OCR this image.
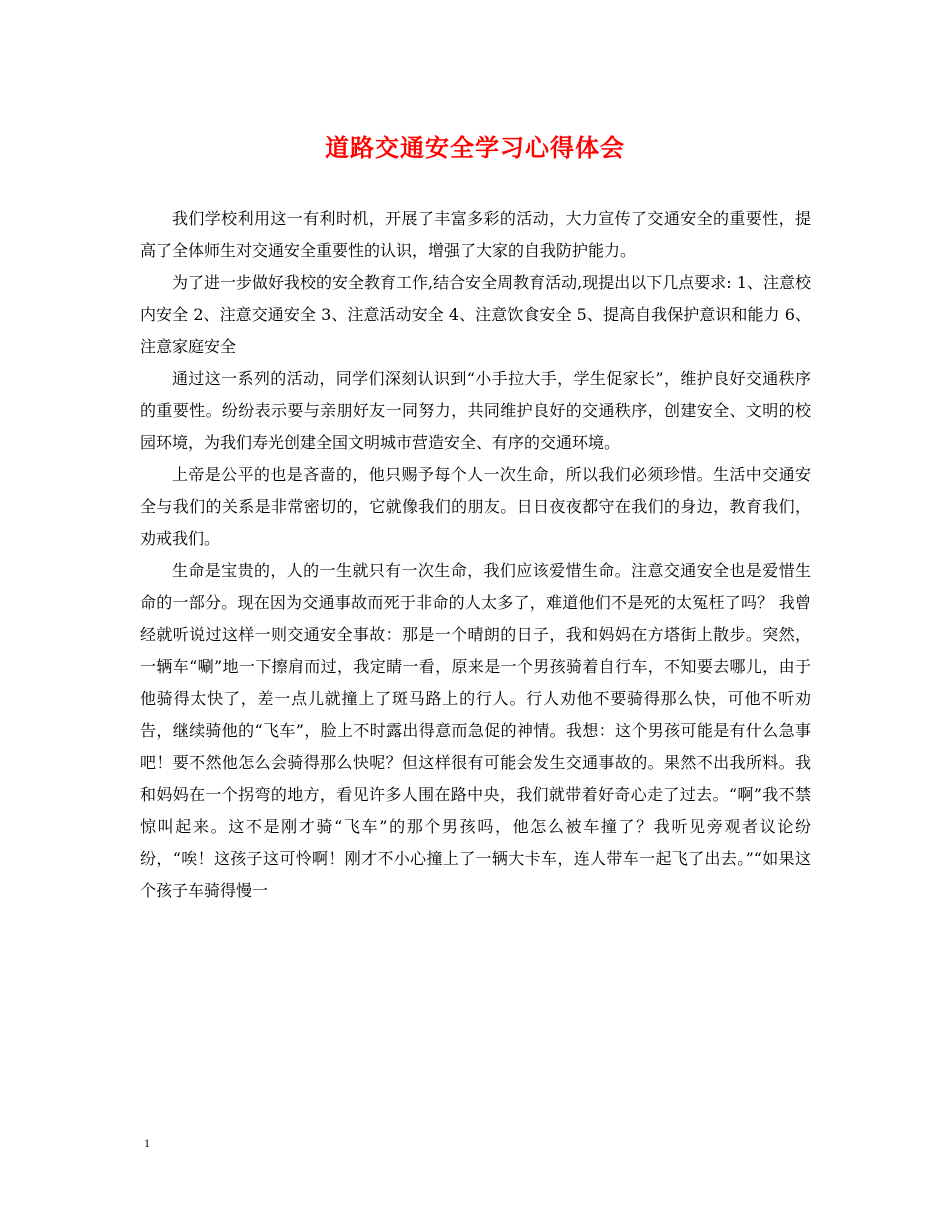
道路交通安全学习心得体会

我们学校利用这一有利时机，开展了丰富多彩的活动，大力宣传了交通安全的重要性，提高了全体师生对交通安全重要性的认识，增强了大家的自我防护能力。

为了进一步做好我校的安全教育工作,结合安全周教育活动,现提出以下几点要求: 1、注意校内安全 2、注意交通安全 3、注意活动安全 4、注意饮食安全 5、提高自我保护意识和能力 6、注意家庭安全

通过这一系列的活动，同学们深刻认识到“小手拉大手，学生促家长”，维护良好交通秩序的重要性。纷纷表示要与亲朋好友一同努力，共同维护良好的交通秩序，创建安全、文明的校园环境，为我们寿光创建全国文明城市营造安全、有序的交通环境。

上帝是公平的也是吝啬的，他只赐予每个人一次生命，所以我们必须珍惜。生活中交通安全与我们的关系是非常密切的，它就像我们的朋友。日日夜夜都守在我们的身边，教育我们，劝戒我们。

生命是宝贵的，人的一生就只有一次生命，我们应该爱惜生命。注意交通安全也是爱惜生命的一部分。现在因为交通事故而死于非命的人太多了，难道他们不是死的太冤枉了吗？ 我曾经就听说过这样一则交通安全事故：那是一个晴朗的日子，我和妈妈在方塔街上散步。突然，一辆车“唰”地一下擦肩而过，我定睛一看，原来是一个男孩骑着自行车，不知要去哪儿，由于他骑得太快了，差一点儿就撞上了斑马路上的行人。行人劝他不要骑得那么快，可他不听劝告，继续骑他的“飞车”，脸上不时露出得意而急促的神情。我想：这个男孩可能是有什么急事吧！要不然他怎么会骑得那么快呢？但这样很有可能会发生交通事故的。果然不出我所料。我和妈妈在一个拐弯的地方，看见许多人围在路中央，我们就带着好奇心走了过去。“啊”我不禁惊叫起来。这不是刚才骑“飞车”的那个男孩吗，他怎么被车撞了？我听见旁观者议论纷纷，“唉！这孩子这可怜啊！刚才不小心撞上了一辆大卡车，连人带车一起飞了出去。”“如果这个孩子车骑得慢一

1
